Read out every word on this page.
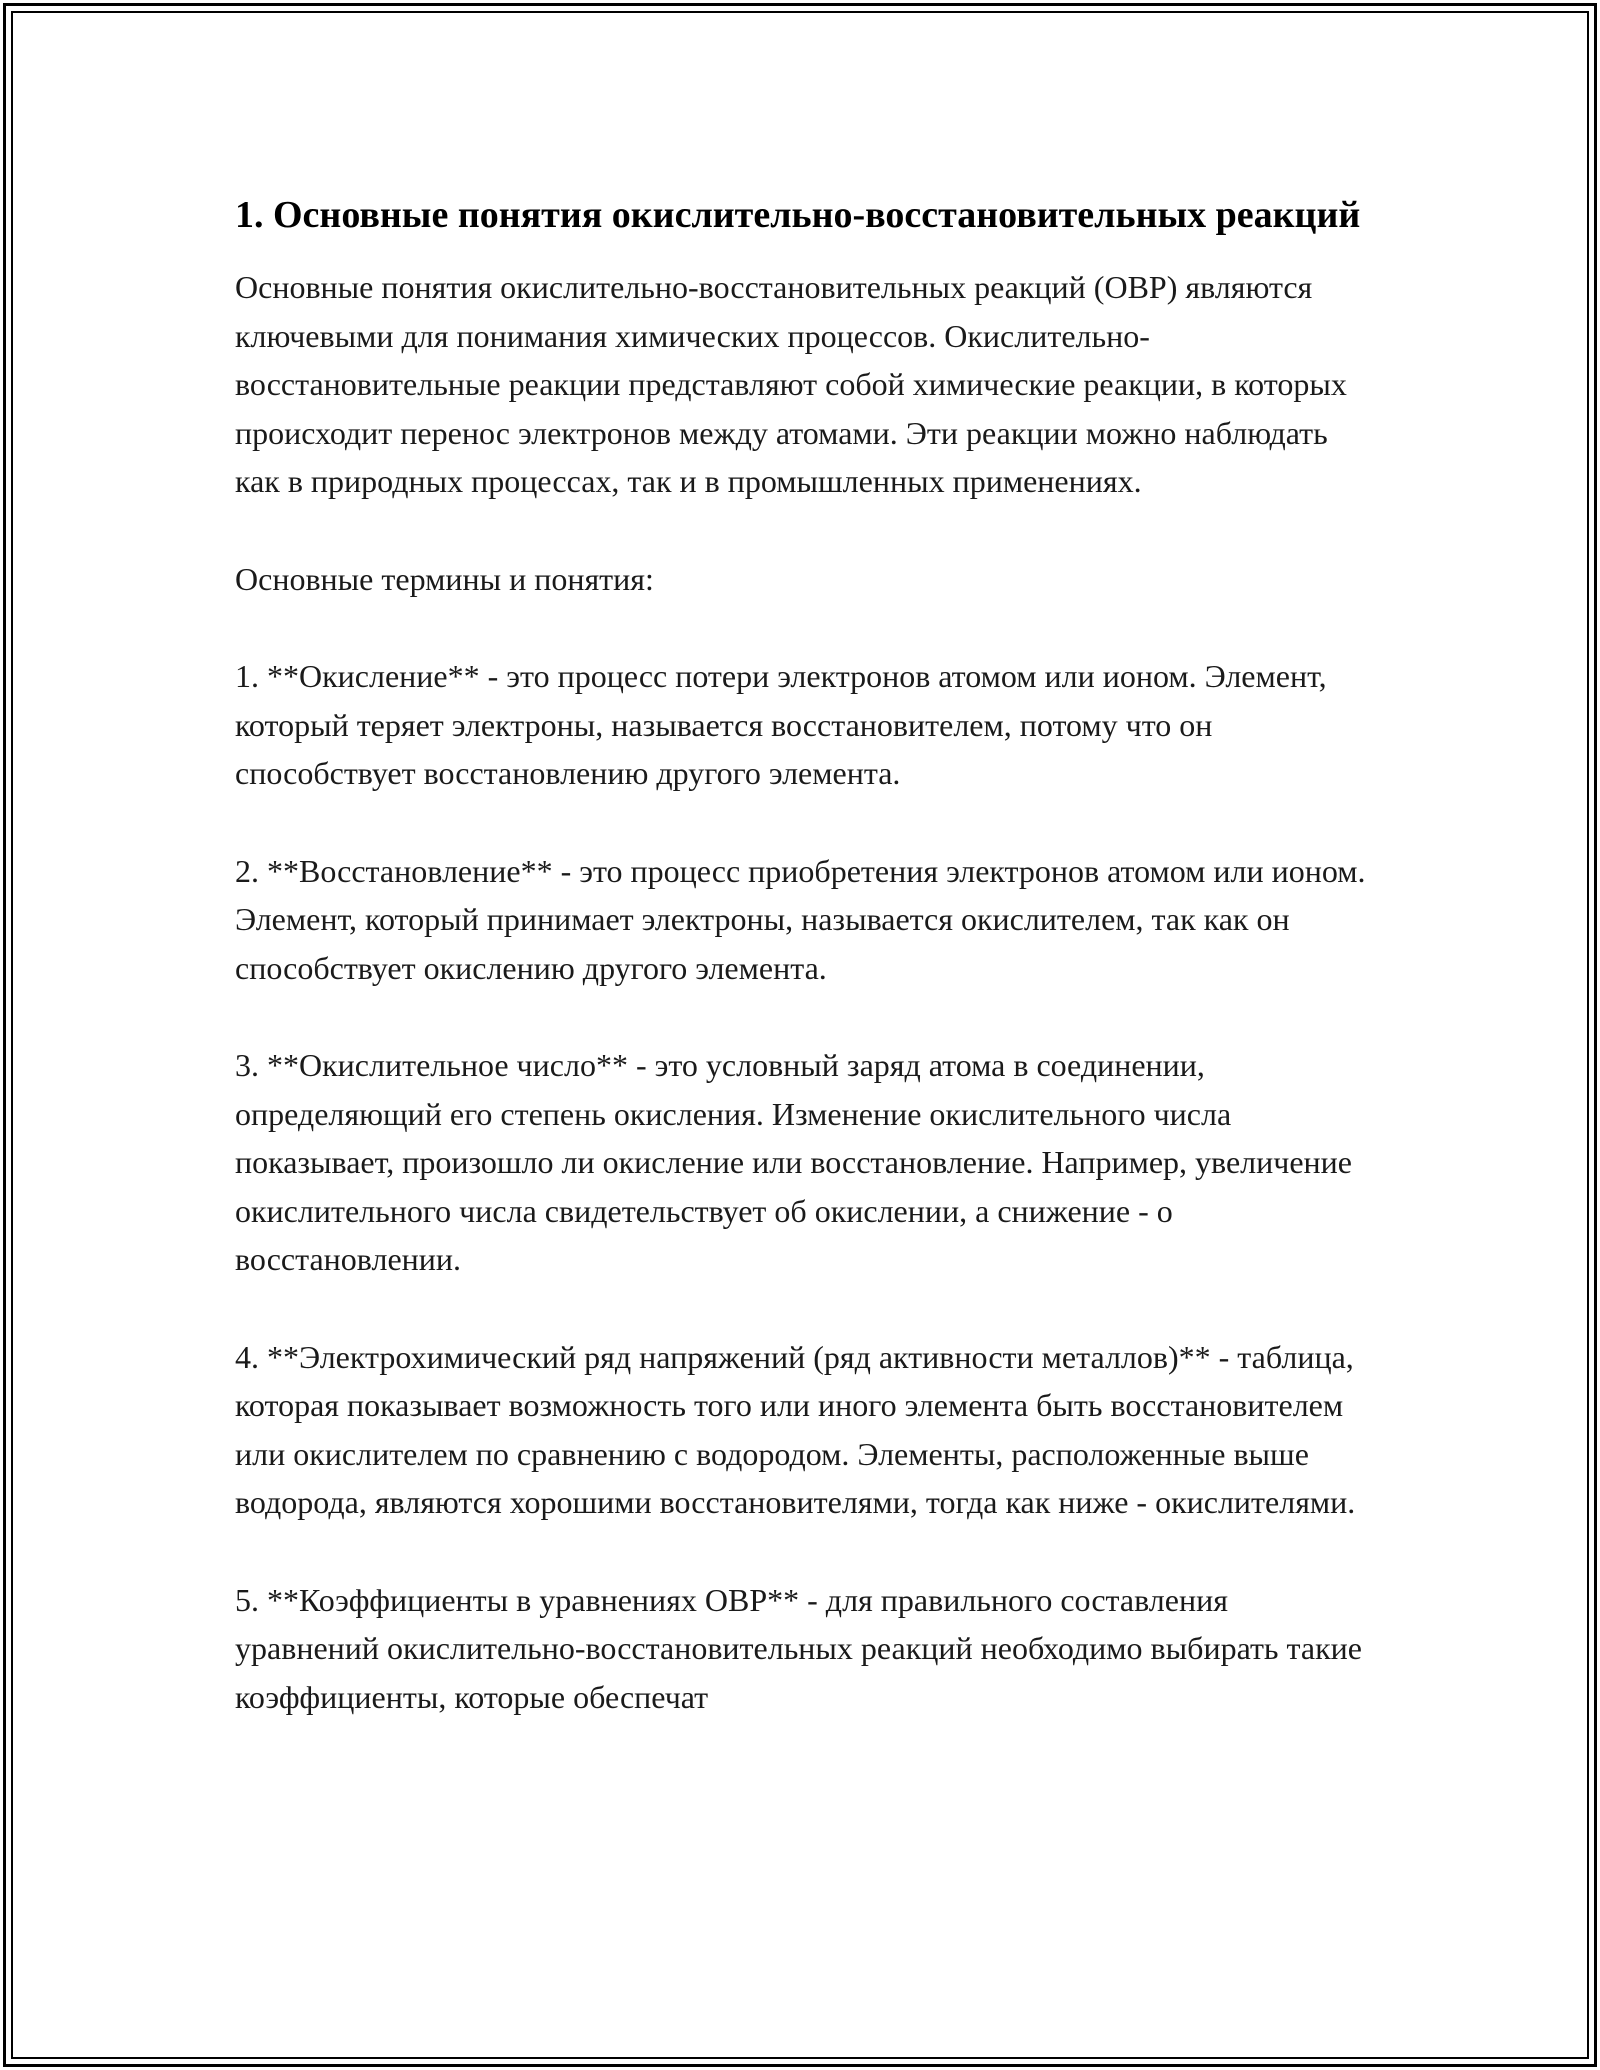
1. Основные понятия окислительно-восстановительных реакций

Основные понятия окислительно-восстановительных реакций (ОВР) являются ключевыми для понимания химических процессов. Окислительно-восстановительные реакции представляют собой химические реакции, в которых происходит перенос электронов между атомами. Эти реакции можно наблюдать как в природных процессах, так и в промышленных применениях.

Основные термины и понятия:

1. **Окисление** - это процесс потери электронов атомом или ионом. Элемент, который теряет электроны, называется восстановителем, потому что он способствует восстановлению другого элемента.

2. **Восстановление** - это процесс приобретения электронов атомом или ионом. Элемент, который принимает электроны, называется окислителем, так как он способствует окислению другого элемента.

3. **Окислительное число** - это условный заряд атома в соединении, определяющий его степень окисления. Изменение окислительного числа показывает, произошло ли окисление или восстановление. Например, увеличение окислительного числа свидетельствует об окислении, а снижение - о восстановлении.

4. **Электрохимический ряд напряжений (ряд активности металлов)** - таблица, которая показывает возможность того или иного элемента быть восстановителем или окислителем по сравнению с водородом. Элементы, расположенные выше водорода, являются хорошими восстановителями, тогда как ниже - окислителями.

5. **Коэффициенты в уравнениях ОВР** - для правильного составления уравнений окислительно-восстановительных реакций необходимо выбирать такие коэффициенты, которые обеспечат
